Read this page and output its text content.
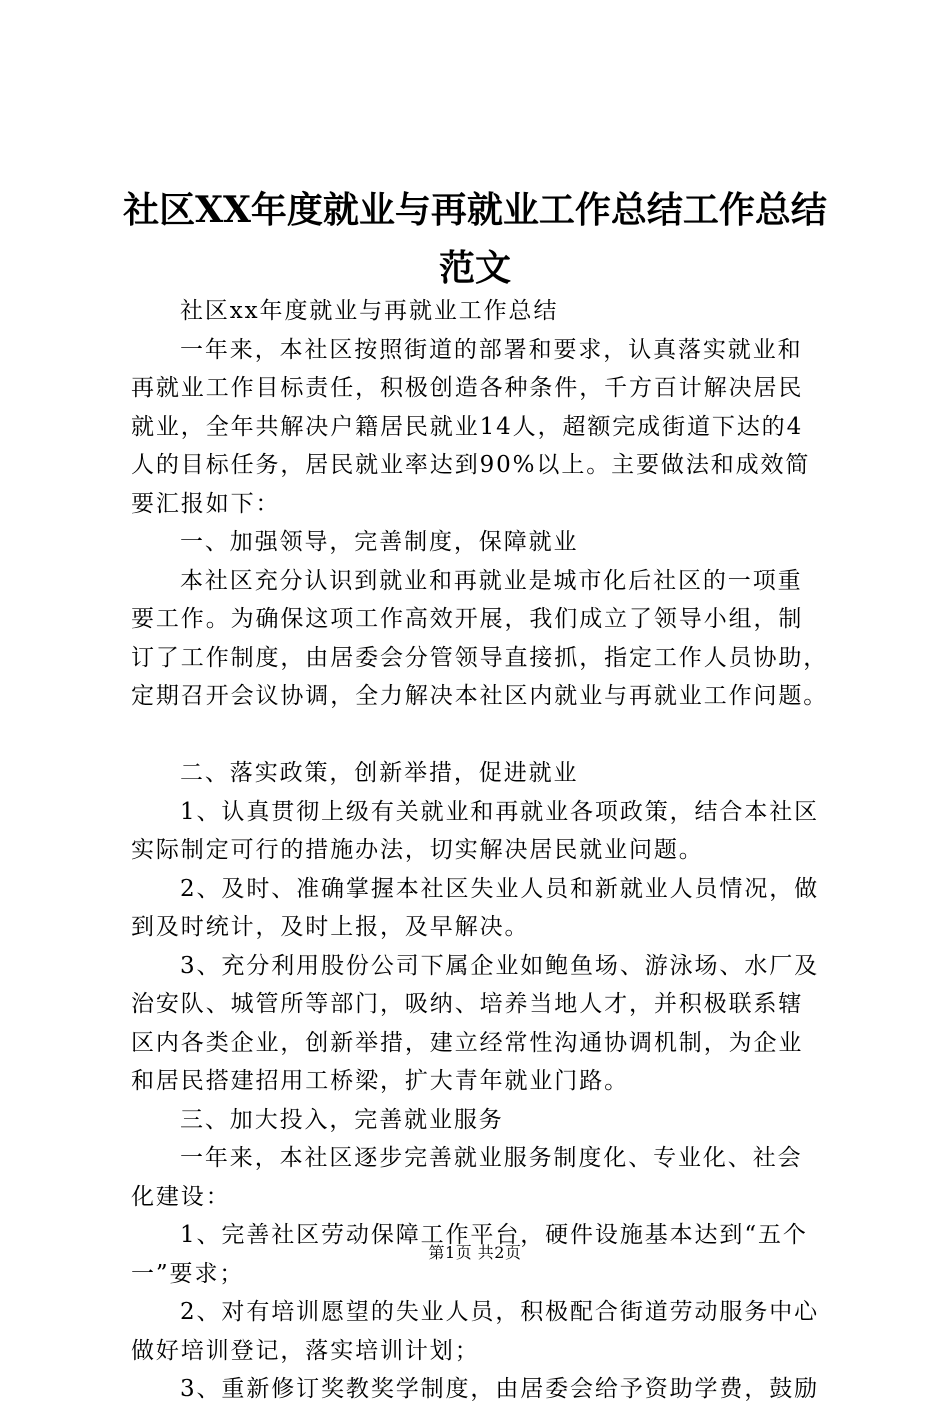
社区XX年度就业与再就业工作总结工作总结
范文
社区xx年度就业与再就业工作总结
一年来，本社区按照街道的部署和要求，认真落实就业和
再就业工作目标责任，积极创造各种条件，千方百计解决居民
就业，全年共解决户籍居民就业14人，超额完成街道下达的4
人的目标任务，居民就业率达到90%以上。主要做法和成效简
要汇报如下：
一、加强领导，完善制度，保障就业
本社区充分认识到就业和再就业是城市化后社区的一项重
要工作。为确保这项工作高效开展，我们成立了领导小组，制
订了工作制度，由居委会分管领导直接抓，指定工作人员协助，
定期召开会议协调，全力解决本社区内就业与再就业工作问题。
二、落实政策，创新举措，促进就业
1、认真贯彻上级有关就业和再就业各项政策，结合本社区
实际制定可行的措施办法，切实解决居民就业问题。
2、及时、准确掌握本社区失业人员和新就业人员情况，做
到及时统计，及时上报，及早解决。
3、充分利用股份公司下属企业如鲍鱼场、游泳场、水厂及
治安队、城管所等部门，吸纳、培养当地人才，并积极联系辖
区内各类企业，创新举措，建立经常性沟通协调机制，为企业
和居民搭建招用工桥梁，扩大青年就业门路。
三、加大投入，完善就业服务
一年来，本社区逐步完善就业服务制度化、专业化、社会
化建设：
1、完善社区劳动保障工作平台，硬件设施基本达到“五个
一”要求；
2、对有培训愿望的失业人员，积极配合街道劳动服务中心
做好培训登记，落实培训计划；
3、重新修订奖教奖学制度，由居委会给予资助学费，鼓励
第1页 共2页
